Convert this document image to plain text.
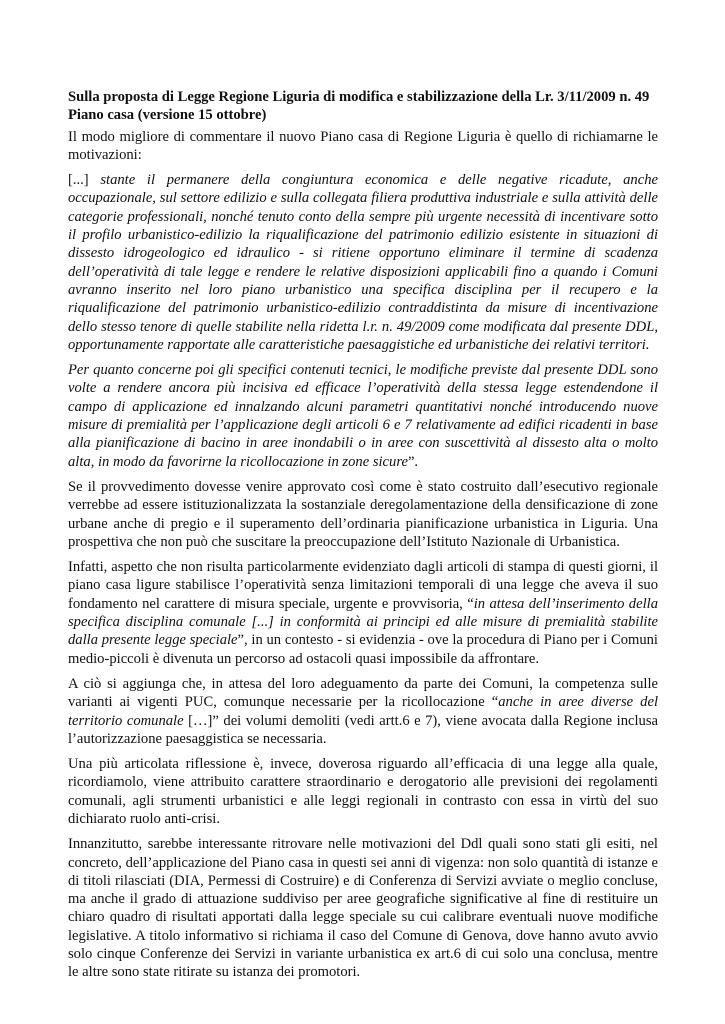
Sulla proposta di Legge Regione Liguria di modifica e stabilizzazione della Lr. 3/11/2009 n. 49 Piano casa (versione 15 ottobre)

Il modo migliore di commentare il nuovo Piano casa di Regione Liguria è quello di richiamarne le motivazioni:

[...] stante il permanere della congiuntura economica e delle negative ricadute, anche occupazionale, sul settore edilizio e sulla collegata filiera produttiva industriale e sulla attività delle categorie professionali, nonché tenuto conto della sempre più urgente necessità di incentivare sotto il profilo urbanistico-edilizio la riqualificazione del patrimonio edilizio esistente in situazioni di dissesto idrogeologico ed idraulico - si ritiene opportuno eliminare il termine di scadenza dell’operatività di tale legge e rendere le relative disposizioni applicabili fino a quando i Comuni avranno inserito nel loro piano urbanistico una specifica disciplina per il recupero e la riqualificazione del patrimonio urbanistico-edilizio contraddistinta da misure di incentivazione dello stesso tenore di quelle stabilite nella ridetta l.r. n. 49/2009 come modificata dal presente DDL, opportunamente rapportate alle caratteristiche paesaggistiche ed urbanistiche dei relativi territori.

Per quanto concerne poi gli specifici contenuti tecnici, le modifiche previste dal presente DDL sono volte a rendere ancora più incisiva ed efficace l’operatività della stessa legge estendendone il campo di applicazione ed innalzando alcuni parametri quantitativi nonché introducendo nuove misure di premialità per l’applicazione degli articoli 6 e 7 relativamente ad edifici ricadenti in base alla pianificazione di bacino in aree inondabili o in aree con suscettività al dissesto alta o molto alta, in modo da favorirne la ricollocazione in zone sicure”.

Se il provvedimento dovesse venire approvato così come è stato costruito dall’esecutivo regionale verrebbe ad essere istituzionalizzata la sostanziale deregolamentazione della densificazione di zone urbane anche di pregio e il superamento dell’ordinaria pianificazione urbanistica in Liguria. Una prospettiva che non può che suscitare la preoccupazione dell’Istituto Nazionale di Urbanistica.

Infatti, aspetto che non risulta particolarmente evidenziato dagli articoli di stampa di questi giorni, il piano casa ligure stabilisce l’operatività senza limitazioni temporali di una legge che aveva il suo fondamento nel carattere di misura speciale, urgente e provvisoria, “in attesa dell’inserimento della specifica disciplina comunale [...] in conformità ai principi ed alle misure di premialità stabilite dalla presente legge speciale”, in un contesto - si evidenzia - ove la procedura di Piano per i Comuni medio-piccoli è divenuta un percorso ad ostacoli quasi impossibile da affrontare.

A ciò si aggiunga che, in attesa del loro adeguamento da parte dei Comuni, la competenza sulle varianti ai vigenti PUC, comunque necessarie per la ricollocazione “anche in aree diverse del territorio comunale […]” dei volumi demoliti (vedi artt.6 e 7), viene avocata dalla Regione inclusa l’autorizzazione paesaggistica se necessaria.

Una più articolata riflessione è, invece, doverosa riguardo all’efficacia di una legge alla quale, ricordiamolo, viene attribuito carattere straordinario e derogatorio alle previsioni dei regolamenti comunali, agli strumenti urbanistici e alle leggi regionali in contrasto con essa in virtù del suo dichiarato ruolo anti-crisi.

Innanzitutto, sarebbe interessante ritrovare nelle motivazioni del Ddl quali sono stati gli esiti, nel concreto, dell’applicazione del Piano casa in questi sei anni di vigenza: non solo quantità di istanze e di titoli rilasciati (DIA, Permessi di Costruire) e di Conferenza di Servizi avviate o meglio concluse, ma anche il grado di attuazione suddiviso per aree geografiche significative al fine di restituire un chiaro quadro di risultati apportati dalla legge speciale su cui calibrare eventuali nuove modifiche legislative. A titolo informativo si richiama il caso del Comune di Genova, dove hanno avuto avvio solo cinque Conferenze dei Servizi in variante urbanistica ex art.6 di cui solo una conclusa, mentre le altre sono state ritirate su istanza dei promotori.
